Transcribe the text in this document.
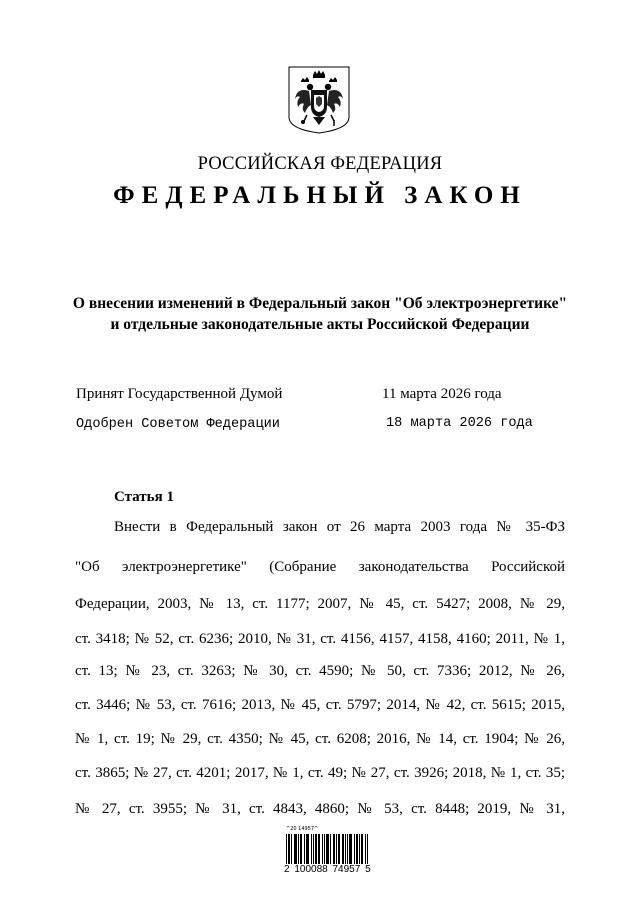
РОССИЙСКАЯ ФЕДЕРАЦИЯ
ФЕДЕРАЛЬНЫЙ ЗАКОН
О внесении изменений в Федеральный закон "Об электроэнергетике"
и отдельные законодательные акты Российской Федерации
Принят Государственной Думой	11 марта 2026 года
Одобрен Советом Федерации	18 марта 2026 года
Статья 1
Внести в Федеральный закон от 26 марта 2003 года № 35-ФЗ
"Об электроэнергетике" (Собрание законодательства Российской
Федерации, 2003, № 13, ст. 1177; 2007, № 45, ст. 5427; 2008, № 29,
ст. 3418; № 52, ст. 6236; 2010, № 31, ст. 4156, 4157, 4158, 4160; 2011, № 1,
ст. 13; № 23, ст. 3263; № 30, ст. 4590; № 50, ст. 7336; 2012, № 26,
ст. 3446; № 53, ст. 7616; 2013, № 45, ст. 5797; 2014, № 42, ст. 5615; 2015,
№ 1, ст. 19; № 29, ст. 4350; № 45, ст. 6208; 2016, № 14, ст. 1904; № 26,
ст. 3865; № 27, ст. 4201; 2017, № 1, ст. 49; № 27, ст. 3926; 2018, № 1, ст. 35;
№ 27, ст. 3955; № 31, ст. 4843, 4860; № 53, ст. 8448; 2019, № 31,
^20 14957^
2 100088 74957 5
